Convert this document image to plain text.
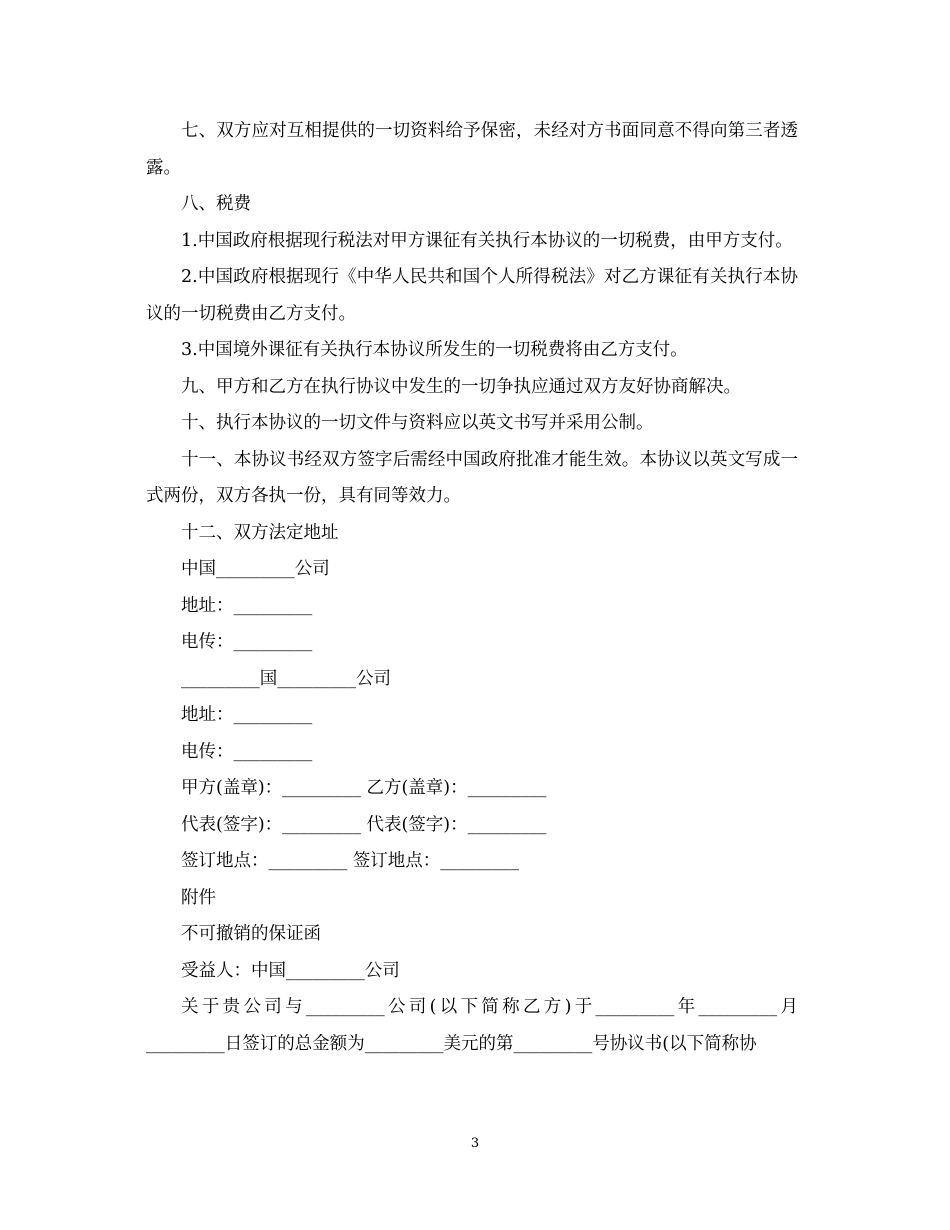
七、双方应对互相提供的一切资料给予保密，未经对方书面同意不得向第三者透露。

八、税费

1.中国政府根据现行税法对甲方课征有关执行本协议的一切税费，由甲方支付。

2.中国政府根据现行《中华人民共和国个人所得税法》对乙方课征有关执行本协议的一切税费由乙方支付。

3.中国境外课征有关执行本协议所发生的一切税费将由乙方支付。

九、甲方和乙方在执行协议中发生的一切争执应通过双方友好协商解决。

十、执行本协议的一切文件与资料应以英文书写并采用公制。

十一、本协议书经双方签字后需经中国政府批准才能生效。本协议以英文写成一式两份，双方各执一份，具有同等效力。

十二、双方法定地址

中国_________公司

地址：_________

电传：_________

_________国_________公司

地址：_________

电传：_________

甲方(盖章)：_________ 乙方(盖章)：_________

代表(签字)：_________ 代表(签字)：_________

签订地点：_________ 签订地点：_________

附件

不可撤销的保证函

受益人：中国_________公司

关于贵公司与_________公司(以下简称乙方)于_________年_________月_________日签订的总金额为_________美元的第_________号协议书(以下简称协

3
